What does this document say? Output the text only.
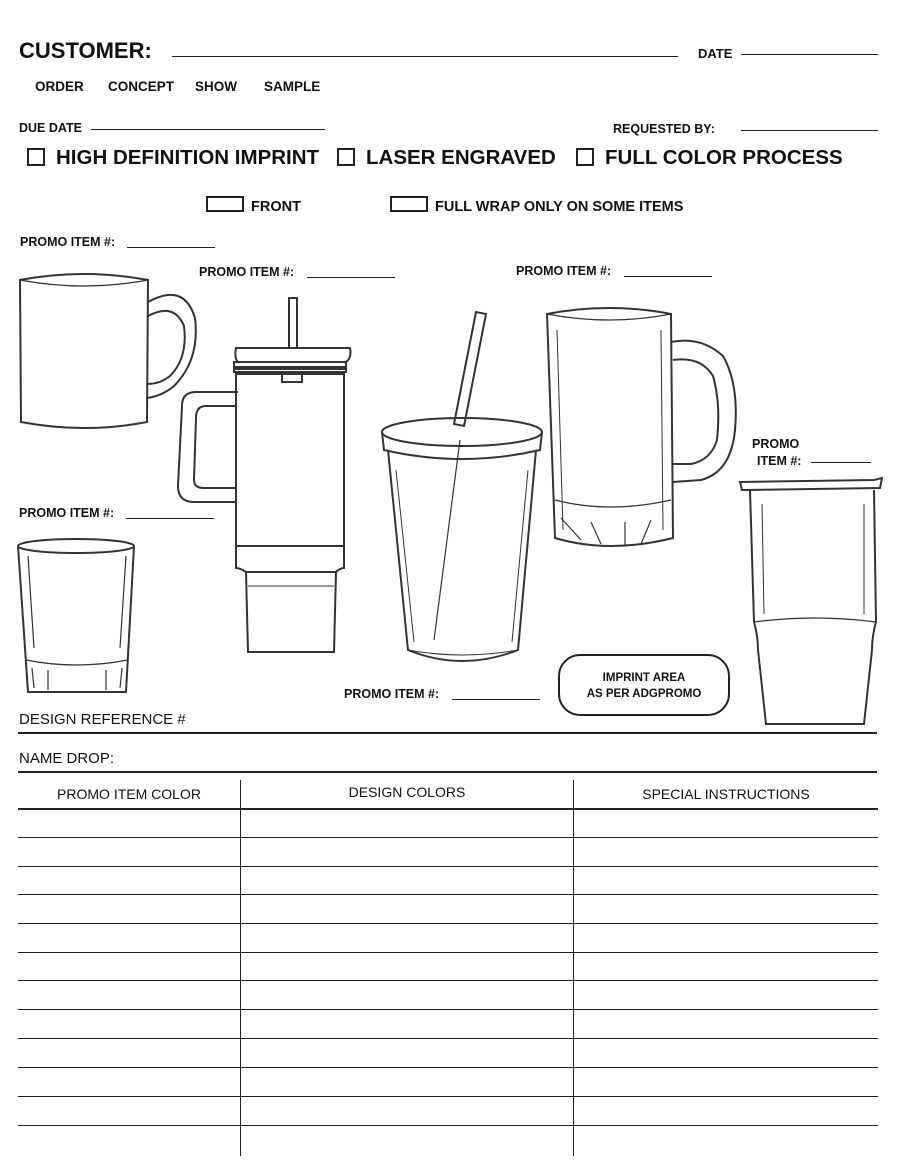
CUSTOMER:	DATE
ORDER CONCEPT SHOW SAMPLE
DUE DATE	REQUESTED BY:
HIGH DEFINITION IMPRINT LASER ENGRAVED FULL COLOR PROCESS
FRONT	FULL WRAP ONLY ON SOME ITEMS
PROMO ITEM #:
PROMO ITEM #:	PROMO ITEM #:
PROMO
ITEM #:
PROMO ITEM #:
PROMO ITEM #:
IMPRINT AREA
AS PER ADGPROMO
DESIGN REFERENCE #
NAME DROP:
PROMO ITEM COLOR	DESIGN COLORS	SPECIAL INSTRUCTIONS
